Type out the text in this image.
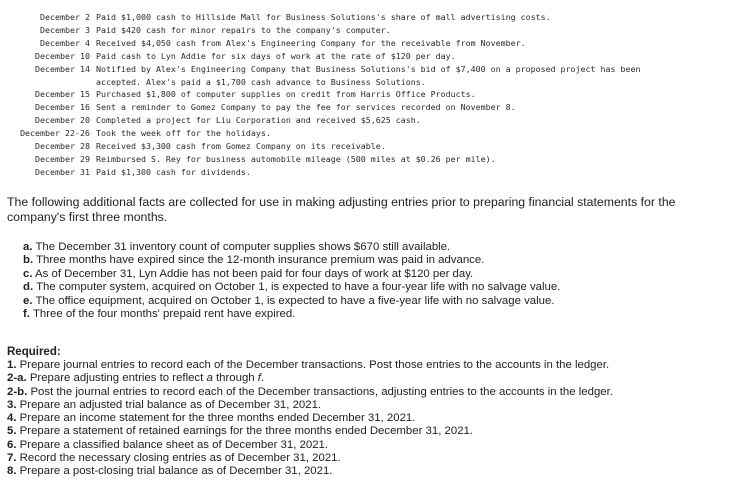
December 2 Paid $1,000 cash to Hillside Mall for Business Solutions's share of mall advertising costs.
December 3 Paid $420 cash for minor repairs to the company's computer.
December 4 Received $4,050 cash from Alex's Engineering Company for the receivable from November.
December 10 Paid cash to Lyn Addie for six days of work at the rate of $120 per day.
December 14 Notified by Alex's Engineering Company that Business Solutions's bid of $7,400 on a proposed project has been
accepted. Alex's paid a $1,700 cash advance to Business Solutions.
December 15 Purchased $1,800 of computer supplies on credit from Harris Office Products.
December 16 Sent a reminder to Gomez Company to pay the fee for services recorded on November 8.
December 20 Completed a project for Liu Corporation and received $5,625 cash.
December 22-26 Took the week off for the holidays.
December 28 Received $3,300 cash from Gomez Company on its receivable.
December 29 Reimbursed S. Rey for business automobile mileage (500 miles at $0.26 per mile).
December 31 Paid $1,300 cash for dividends.
The following additional facts are collected for use in making adjusting entries prior to preparing financial statements for the company's first three months.
a. The December 31 inventory count of computer supplies shows $670 still available.
b. Three months have expired since the 12-month insurance premium was paid in advance.
c. As of December 31, Lyn Addie has not been paid for four days of work at $120 per day.
d. The computer system, acquired on October 1, is expected to have a four-year life with no salvage value.
e. The office equipment, acquired on October 1, is expected to have a five-year life with no salvage value.
f. Three of the four months' prepaid rent have expired.
Required:
1. Prepare journal entries to record each of the December transactions. Post those entries to the accounts in the ledger.
2-a. Prepare adjusting entries to reflect a through f.
2-b. Post the journal entries to record each of the December transactions, adjusting entries to the accounts in the ledger.
3. Prepare an adjusted trial balance as of December 31, 2021.
4. Prepare an income statement for the three months ended December 31, 2021.
5. Prepare a statement of retained earnings for the three months ended December 31, 2021.
6. Prepare a classified balance sheet as of December 31, 2021.
7. Record the necessary closing entries as of December 31, 2021.
8. Prepare a post-closing trial balance as of December 31, 2021.
